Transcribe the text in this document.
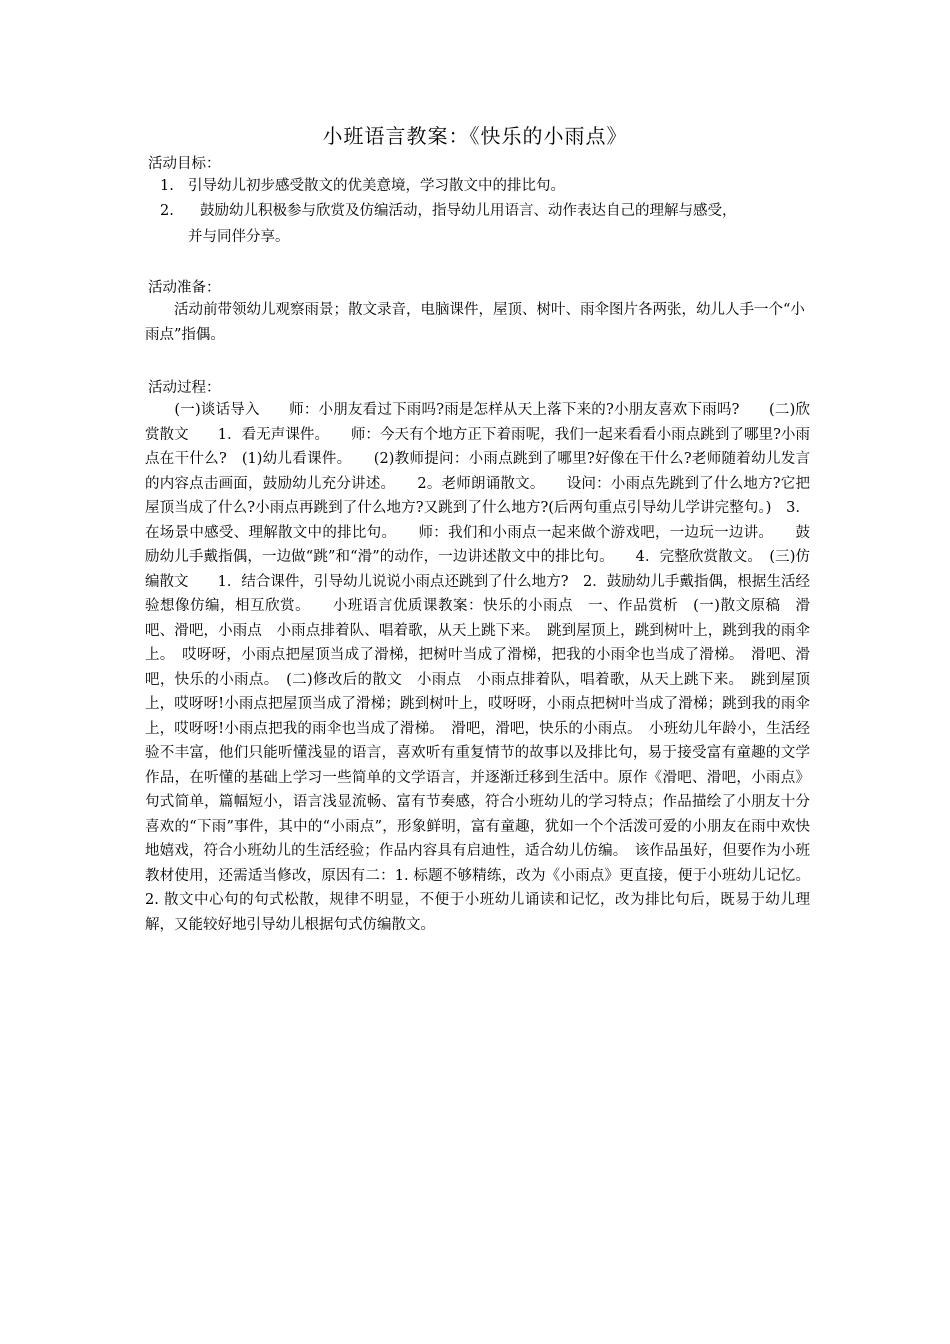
小班语言教案：《快乐的小雨点》
活动目标：
1. 引导幼儿初步感受散文的优美意境，学习散文中的排比句。
2. 鼓励幼儿积极参与欣赏及仿编活动，指导幼儿用语言、动作表达自己的理解与感受，
并与同伴分享。
活动准备：
　　活动前带领幼儿观察雨景；散文录音，电脑课件，屋顶、树叶、雨伞图片各两张，幼儿人手一个“小雨点”指偶。
活动过程：
　　(一)谈话导入　　师：小朋友看过下雨吗?雨是怎样从天上落下来的?小朋友喜欢下雨吗?　　(二)欣赏散文　　1．看无声课件。　　师：今天有个地方正下着雨呢，我们一起来看看小雨点跳到了哪里?小雨点在干什么?　(1)幼儿看课件。　　(2)教师提问：小雨点跳到了哪里?好像在干什么?老师随着幼儿发言的内容点击画面，鼓励幼儿充分讲述。　　2。老师朗诵散文。　　设问：小雨点先跳到了什么地方?它把屋顶当成了什么?小雨点再跳到了什么地方?又跳到了什么地方?(后两句重点引导幼儿学讲完整句。)　3．在场景中感受、理解散文中的排比句。　　师：我们和小雨点一起来做个游戏吧，一边玩一边讲。　　鼓励幼儿手戴指偶，一边做“跳”和“滑”的动作，一边讲述散文中的排比句。　　4．完整欣赏散文。　(三)仿编散文　　1．结合课件，引导幼儿说说小雨点还跳到了什么地方?　2．鼓励幼儿手戴指偶，根据生活经验想像仿编，相互欣赏。　　小班语言优质课教案：快乐的小雨点　一、作品赏析　(一)散文原稿　滑吧、滑吧，小雨点　小雨点排着队、唱着歌，从天上跳下来。　跳到屋顶上，跳到树叶上，跳到我的雨伞上。　哎呀呀，小雨点把屋顶当成了滑梯，把树叶当成了滑梯，把我的小雨伞也当成了滑梯。　滑吧、滑吧，快乐的小雨点。　(二)修改后的散文　小雨点　小雨点排着队，唱着歌，从天上跳下来。　跳到屋顶上，哎呀呀!小雨点把屋顶当成了滑梯；跳到树叶上，哎呀呀，小雨点把树叶当成了滑梯；跳到我的雨伞上，哎呀呀!小雨点把我的雨伞也当成了滑梯。　滑吧，滑吧，快乐的小雨点。　小班幼儿年龄小，生活经验不丰富，他们只能听懂浅显的语言，喜欢听有重复情节的故事以及排比句，易于接受富有童趣的文学作品，在听懂的基础上学习一些简单的文学语言，并逐渐迁移到生活中。原作《滑吧、滑吧，小雨点》句式简单，篇幅短小，语言浅显流畅、富有节奏感，符合小班幼儿的学习特点；作品描绘了小朋友十分喜欢的“下雨”事件，其中的“小雨点”，形象鲜明，富有童趣，犹如一个个活泼可爱的小朋友在雨中欢快地嬉戏，符合小班幼儿的生活经验；作品内容具有启迪性，适合幼儿仿编。　该作品虽好，但要作为小班教材使用，还需适当修改，原因有二：1. 标题不够精练，改为《小雨点》更直接，便于小班幼儿记忆。2. 散文中心句的句式松散，规律不明显，不便于小班幼儿诵读和记忆，改为排比句后，既易于幼儿理解，又能较好地引导幼儿根据句式仿编散文。
